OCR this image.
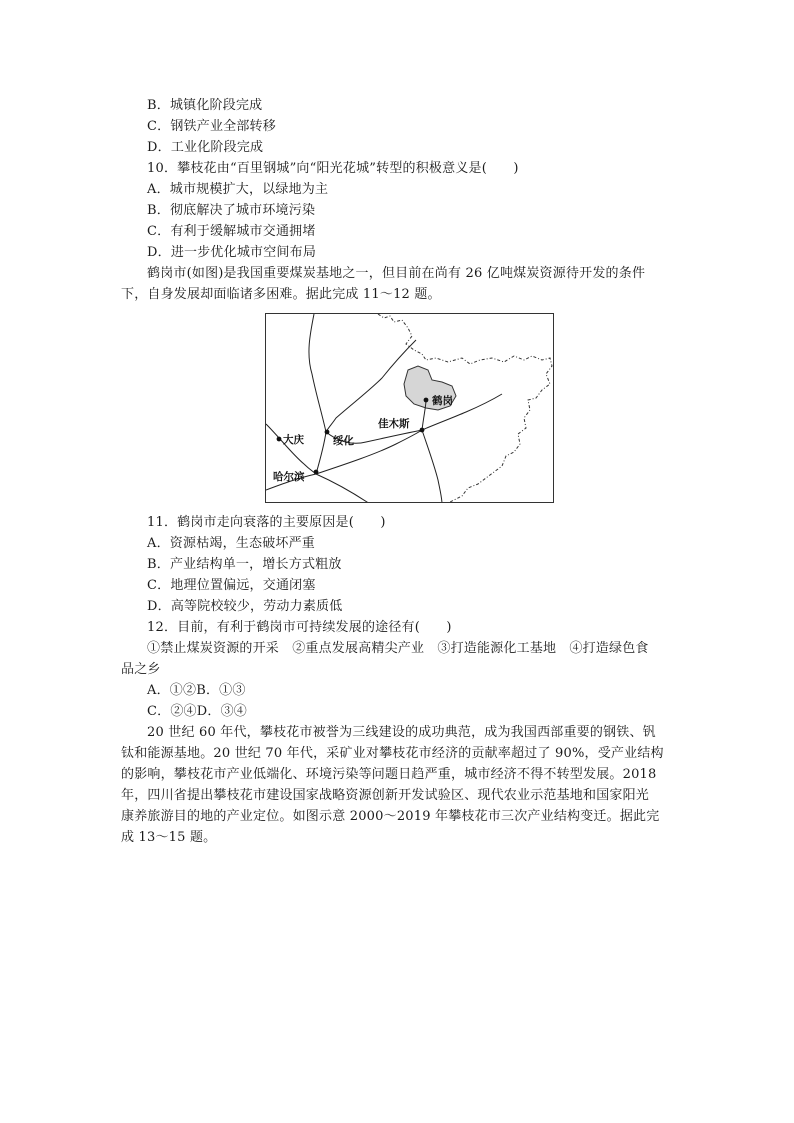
B．城镇化阶段完成
C．钢铁产业全部转移
D．工业化阶段完成
10．攀枝花由“百里钢城”向“阳光花城”转型的积极意义是(　　)
A．城市规模扩大，以绿地为主
B．彻底解决了城市环境污染
C．有利于缓解城市交通拥堵
D．进一步优化城市空间布局
鹤岗市(如图)是我国重要煤炭基地之一，但目前在尚有 26 亿吨煤炭资源待开发的条件
下，自身发展却面临诸多困难。据此完成 11～12 题。
鹤岗
佳木斯
绥化
大庆
哈尔滨
11．鹤岗市走向衰落的主要原因是(　　)
A．资源枯竭，生态破坏严重
B．产业结构单一，增长方式粗放
C．地理位置偏远，交通闭塞
D．高等院校较少，劳动力素质低
12．目前，有利于鹤岗市可持续发展的途径有(　　)
①禁止煤炭资源的开采　②重点发展高精尖产业　③打造能源化工基地　④打造绿色食
品之乡
A．①②B．①③
C．②④D．③④
20 世纪 60 年代，攀枝花市被誉为三线建设的成功典范，成为我国西部重要的钢铁、钒
钛和能源基地。20 世纪 70 年代，采矿业对攀枝花市经济的贡献率超过了 90%，受产业结构
的影响，攀枝花市产业低端化、环境污染等问题日趋严重，城市经济不得不转型发展。2018
年，四川省提出攀枝花市建设国家战略资源创新开发试验区、现代农业示范基地和国家阳光
康养旅游目的地的产业定位。如图示意 2000～2019 年攀枝花市三次产业结构变迁。据此完
成 13～15 题。
